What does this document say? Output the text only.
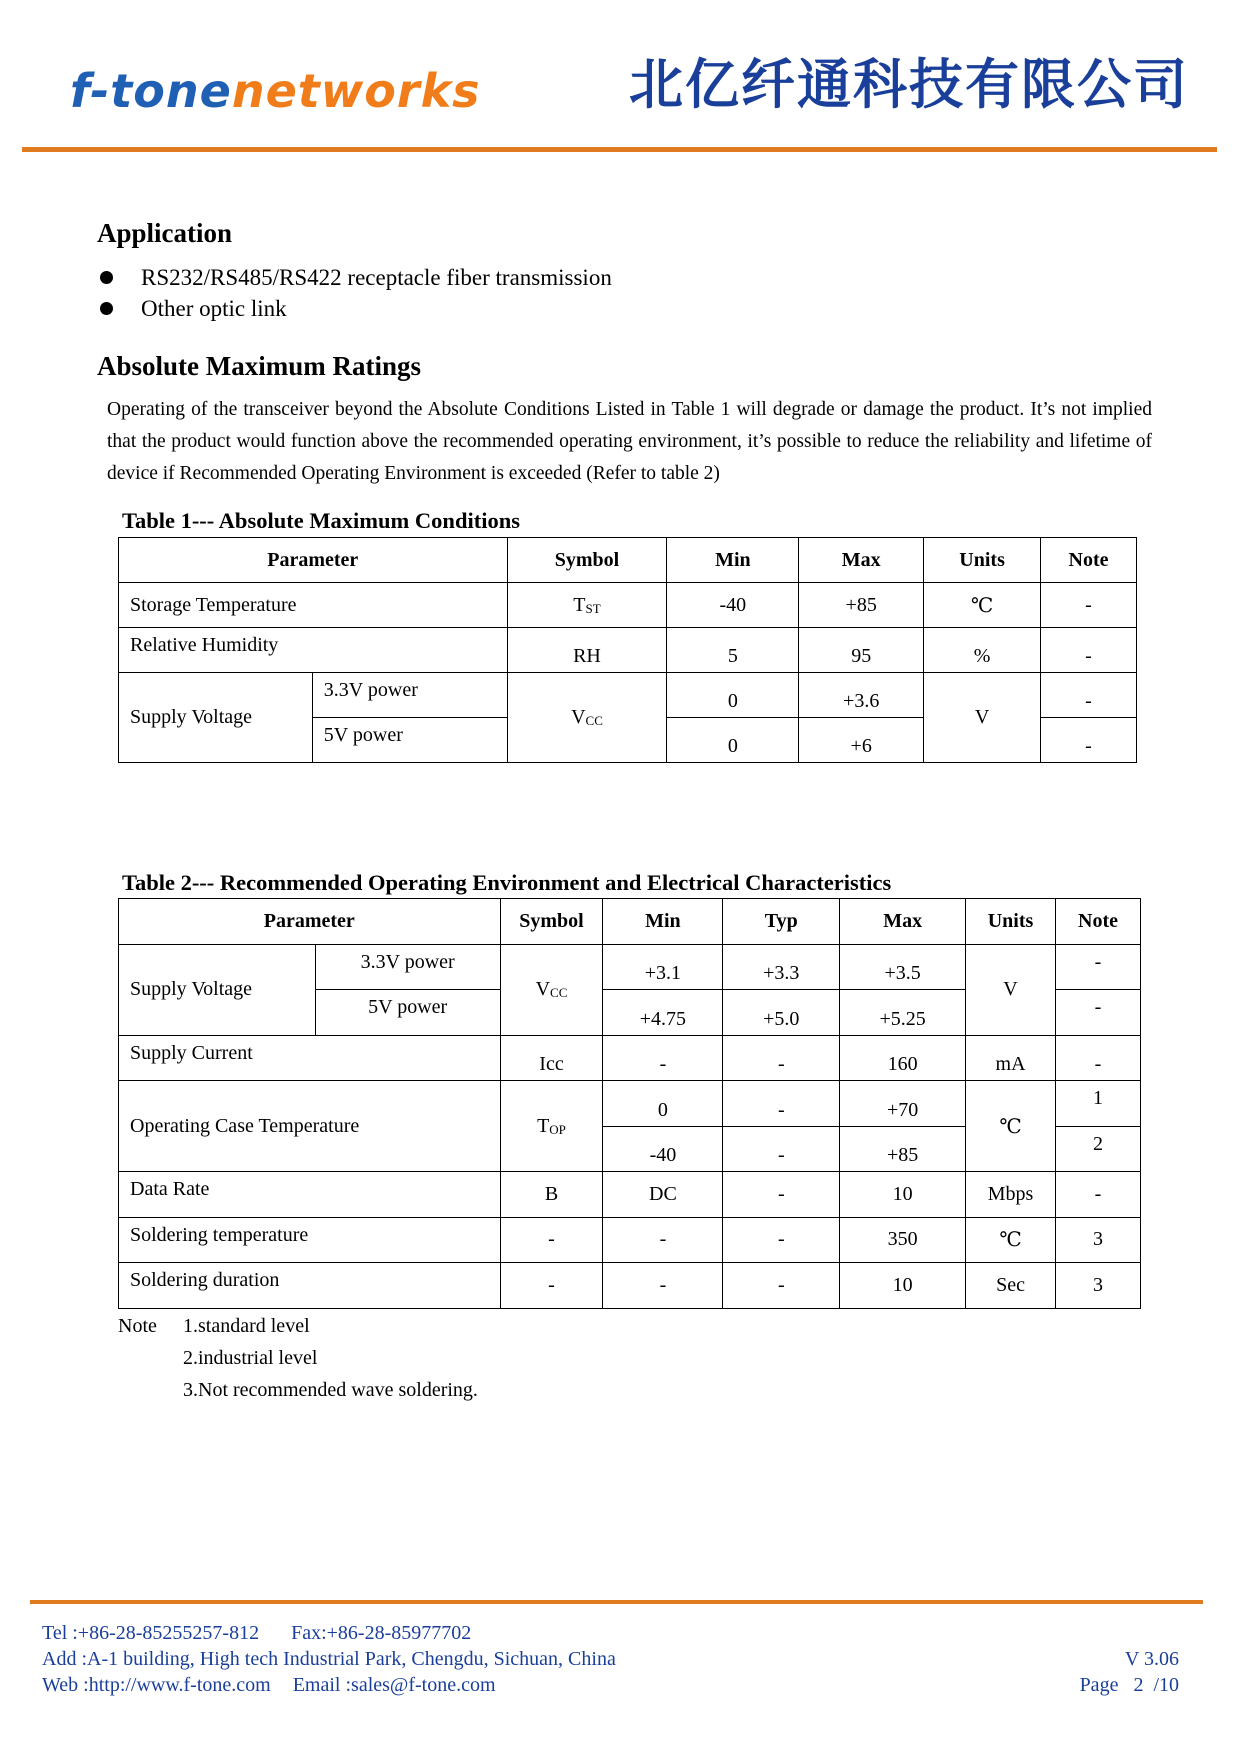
f-tonenetworks	北亿纤通科技有限公司
Application
RS232/RS485/RS422 receptacle fiber transmission
Other optic link
Absolute Maximum Ratings

Operating of the transceiver beyond the Absolute Conditions Listed in Table 1 will degrade or damage the product. It’s not implied that the product would function above the recommended operating environment, it’s possible to reduce the reliability and lifetime of device if Recommended Operating Environment is exceeded (Refer to table 2)

Table 1--- Absolute Maximum Conditions
Parameter		Symbol	Min	Max	Units	Note
Storage Temperature		$T_{ST}$	-40	+85	℃	-
Relative Humidity		RH	5	95	%	-
Supply Voltage	3.3V power	$V_{CC}$	0	+3.6	V	-
	5V power		0	+6		-
Table 2--- Recommended Operating Environment and Electrical Characteristics
Parameter		Symbol	Min	Typ	Max	Units	Note
Supply Voltage	3.3V power	$V_{CC}$	+3.1	+3.3	+3.5	V	-
	5V power		+4.75	+5.0	+5.25		-
Supply Current		Icc	-	-	160	mA	-
Operating Case Temperature		$T_{OP}$	0	-	+70	℃	1
			-40	-	+85		2
Data Rate		B	DC	-	10	Mbps	-
Soldering temperature		-	-	-	350	℃	3
Soldering duration		-	-	-	10	Sec	3
Note 1.standard level
2.industrial level
3.Not recommended wave soldering.
Tel :+86-28-85255257-812 Fax:+86-28-85977702
Add :A-1 building, High tech Industrial Park, Chengdu, Sichuan, China
Web :http://www.f-tone.com Email :sales@f-tone.com
V 3.06
Page   2  /10
